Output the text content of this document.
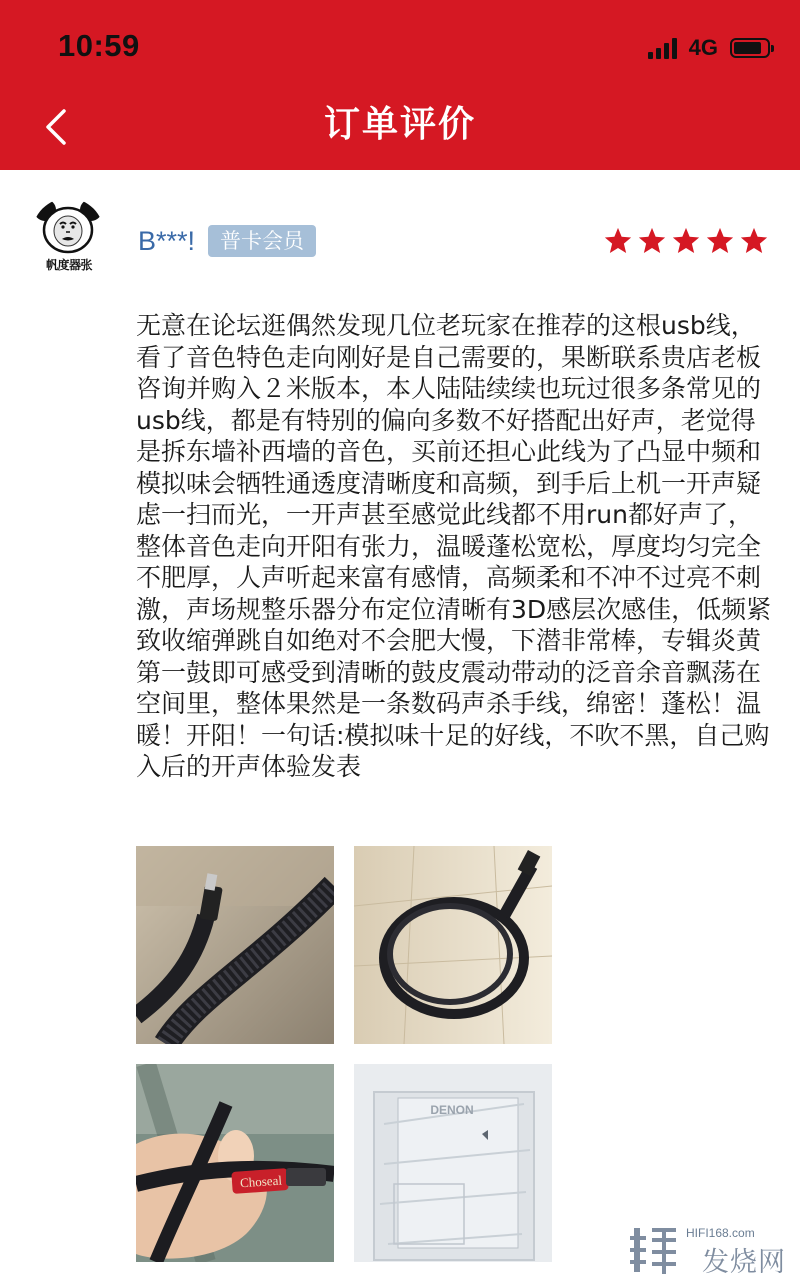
10:59	4G
订单评价
帆度器张
B***!	普卡会员
无意在论坛逛偶然发现几位老玩家在推荐的这根usb线，看了音色特色走向刚好是自己需要的，果断联系贵店老板咨询并购入２米版本，本人陆陆续续也玩过很多条常见的usb线，都是有特别的偏向多数不好搭配出好声，老觉得是拆东墙补西墙的音色，买前还担心此线为了凸显中频和模拟味会牺牲通透度清晰度和高频，到手后上机一开声疑虑一扫而光，一开声甚至感觉此线都不用run都好声了，整体音色走向开阳有张力，温暖蓬松宽松，厚度均匀完全不肥厚，人声听起来富有感情，高频柔和不冲不过亮不刺激，声场规整乐器分布定位清晰有3D感层次感佳，低频紧致收缩弹跳自如绝对不会肥大慢，下潜非常棒，专辑炎黄第一鼓即可感受到清晰的鼓皮震动带动的泛音余音飘荡在空间里，整体果然是一条数码声杀手线，绵密！蓬松！温暖！开阳！一句话:模拟味十足的好线，不吹不黑，自己购入后的开声体验发表
Choseal
DENON
HIFI168.com
发烧网
